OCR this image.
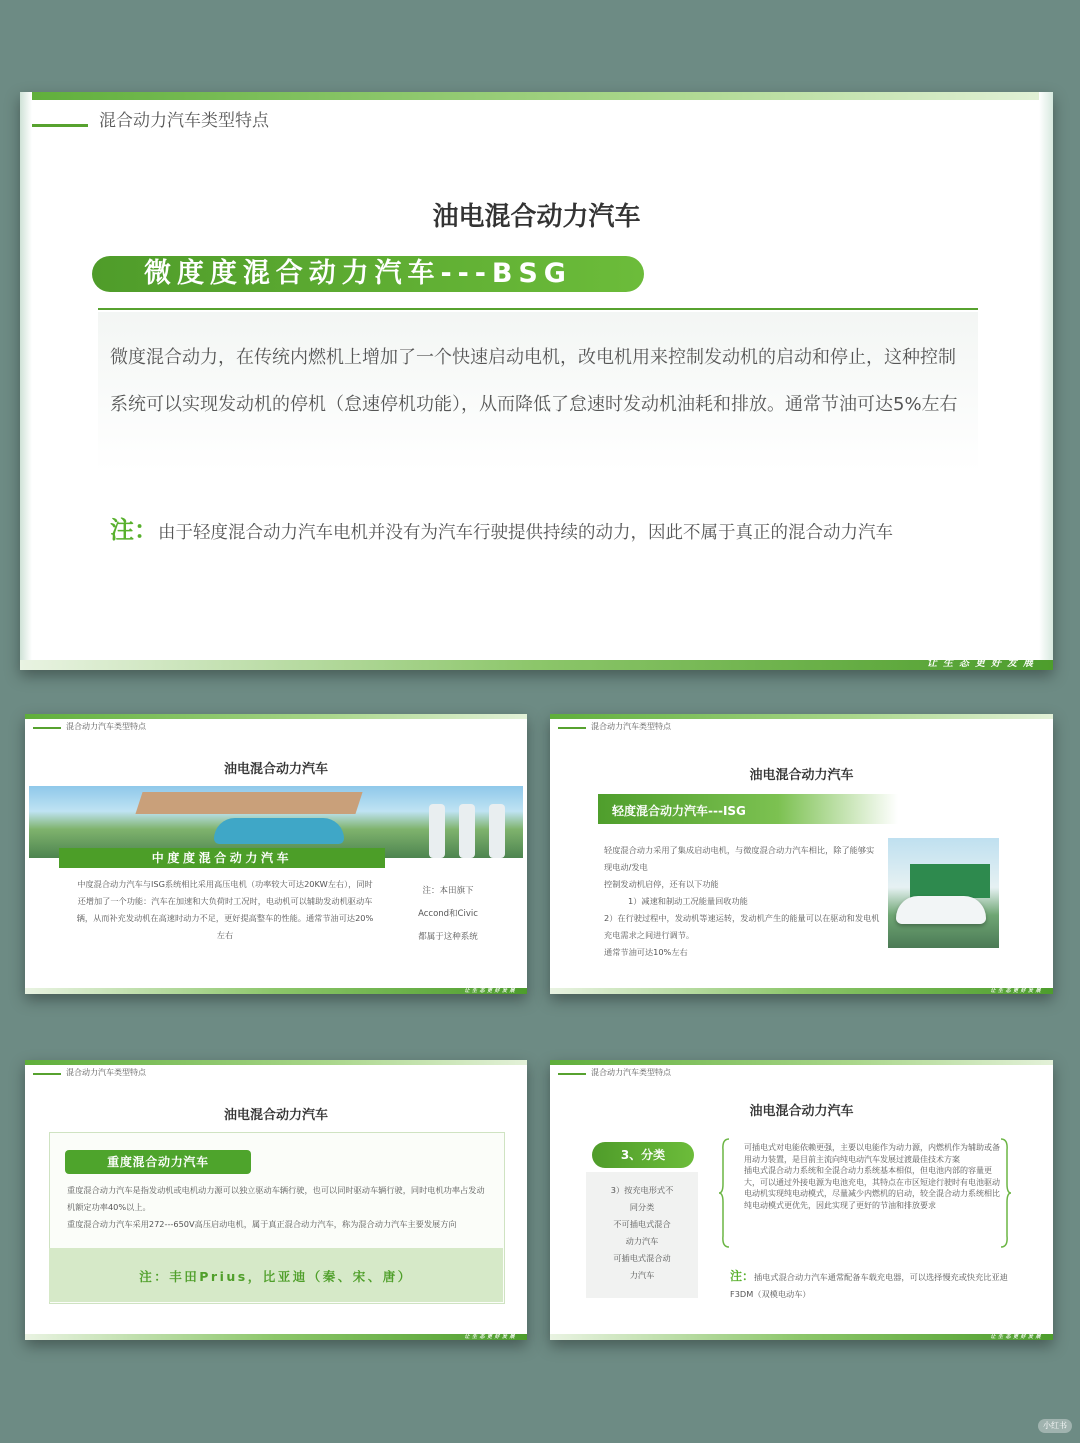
混合动力汽车类型特点
油电混合动力汽车
微度度混合动力汽车---BSG
微度混合动力，在传统内燃机上增加了一个快速启动电机，改电机用来控制发动机的启动和停止，这种控制系统可以实现发动机的停机（怠速停机功能），从而降低了怠速时发动机油耗和排放。通常节油可达5%左右
注：由于轻度混合动力汽车电机并没有为汽车行驶提供持续的动力，因此不属于真正的混合动力汽车
让生态更好发展
混合动力汽车类型特点
油电混合动力汽车
中度度混合动力汽车
中度混合动力汽车与ISG系统相比采用高压电机（功率较大可达20KW左右），同时还增加了一个功能：汽车在加速和大负荷时工况时，电动机可以辅助发动机驱动车辆，从而补充发动机在高速时动力不足，更好提高整车的性能。通常节油可达20%左右
注：本田旗下
Accond和Civic
都属于这种系统
让生态更好发展
混合动力汽车类型特点
油电混合动力汽车
轻度混合动力汽车---ISG
轻度混合动力采用了集成启动电机，与微度混合动力汽车相比，除了能够实现电动/发电
控制发动机启停，还有以下功能
1）减速和制动工况能量回收功能
2）在行驶过程中，发动机等速运转，发动机产生的能量可以在驱动和发电机充电需求之间进行调节。
通常节油可达10%左右
让生态更好发展
混合动力汽车类型特点
油电混合动力汽车
重度混合动力汽车
重度混合动力汽车是指发动机或电机动力源可以独立驱动车辆行驶，也可以同时驱动车辆行驶，同时电机功率占发动机额定功率40%以上。
重度混合动力汽车采用272---650V高压启动电机，属于真正混合动力汽车，称为混合动力汽车主要发展方向
注：丰田Prius，比亚迪（秦、宋、唐）
让生态更好发展
混合动力汽车类型特点
油电混合动力汽车
3）按充电形式不
同分类
不可插电式混合
动力汽车
可插电式混合动
力汽车
3、分类
可插电式对电能依赖更强，主要以电能作为动力源，内燃机作为辅助或备用动力装置，是目前主流向纯电动汽车发展过渡最佳技术方案
插电式混合动力系统和全混合动力系统基本相似，但电池内部的容量更大，可以通过外接电源为电池充电，其特点在市区短途行驶时有电池驱动电动机实现纯电动模式，尽量减少内燃机的启动，较全混合动力系统相比纯电动模式更优先，因此实现了更好的节油和排放要求
注：插电式混合动力汽车通常配备车载充电器，可以选择慢充或快充比亚迪F3DM（双模电动车）
让生态更好发展
小红书
